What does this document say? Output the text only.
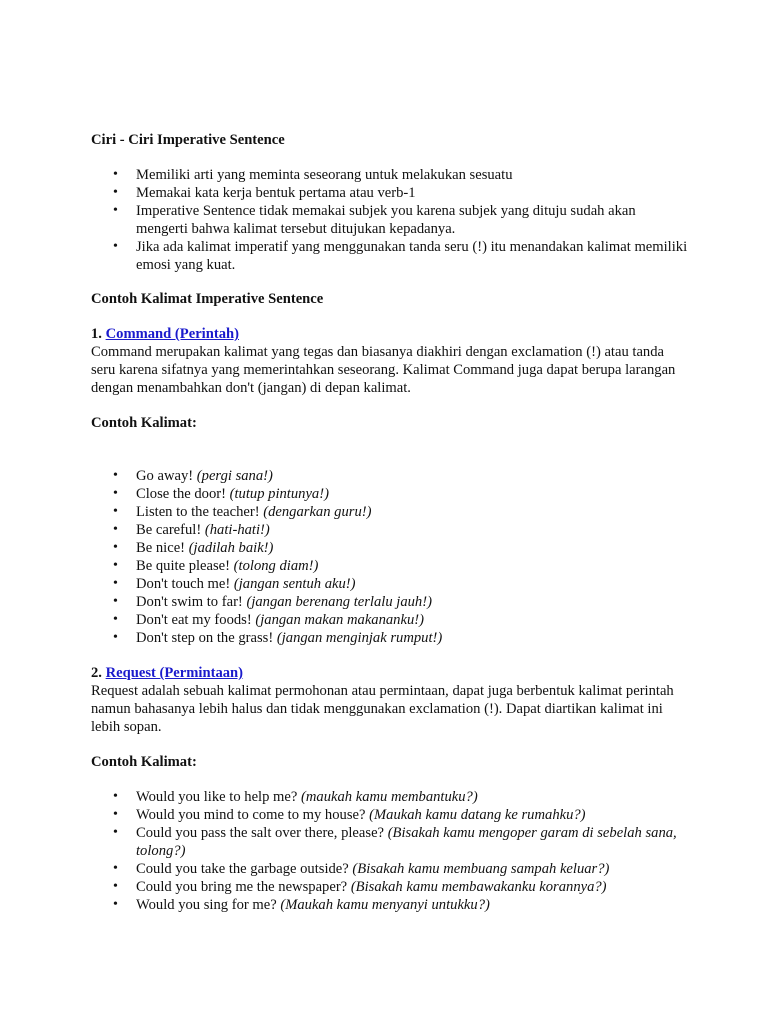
Ciri - Ciri Imperative Sentence
• Memiliki arti yang meminta seseorang untuk melakukan sesuatu
• Memakai kata kerja bentuk pertama atau verb-1
• Imperative Sentence tidak memakai subjek you karena subjek yang dituju sudah akan mengerti bahwa kalimat tersebut ditujukan kepadanya.
• Jika ada kalimat imperatif yang menggunakan tanda seru (!) itu menandakan kalimat memiliki emosi yang kuat.
Contoh Kalimat Imperative Sentence

1. Command (Perintah)

Command merupakan kalimat yang tegas dan biasanya diakhiri dengan exclamation (!) atau tanda seru karena sifatnya yang memerintahkan seseorang. Kalimat Command juga dapat berupa larangan dengan menambahkan don't (jangan) di depan kalimat.

Contoh Kalimat:
• Go away! (pergi sana!)
• Close the door! (tutup pintunya!)
• Listen to the teacher! (dengarkan guru!)
• Be careful! (hati-hati!)
• Be nice! (jadilah baik!)
• Be quite please! (tolong diam!)
• Don't touch me! (jangan sentuh aku!)
• Don't swim to far! (jangan berenang terlalu jauh!)
• Don't eat my foods! (jangan makan makananku!)
• Don't step on the grass! (jangan menginjak rumput!)

2. Request (Permintaan)

Request adalah sebuah kalimat permohonan atau permintaan, dapat juga berbentuk kalimat perintah namun bahasanya lebih halus dan tidak menggunakan exclamation (!). Dapat diartikan kalimat ini lebih sopan.

Contoh Kalimat:
• Would you like to help me? (maukah kamu membantuku?)
• Would you mind to come to my house? (Maukah kamu datang ke rumahku?)
• Could you pass the salt over there, please? (Bisakah kamu mengoper garam di sebelah sana, tolong?)
• Could you take the garbage outside? (Bisakah kamu membuang sampah keluar?)
• Could you bring me the newspaper? (Bisakah kamu membawakanku korannya?)
• Would you sing for me? (Maukah kamu menyanyi untukku?)
